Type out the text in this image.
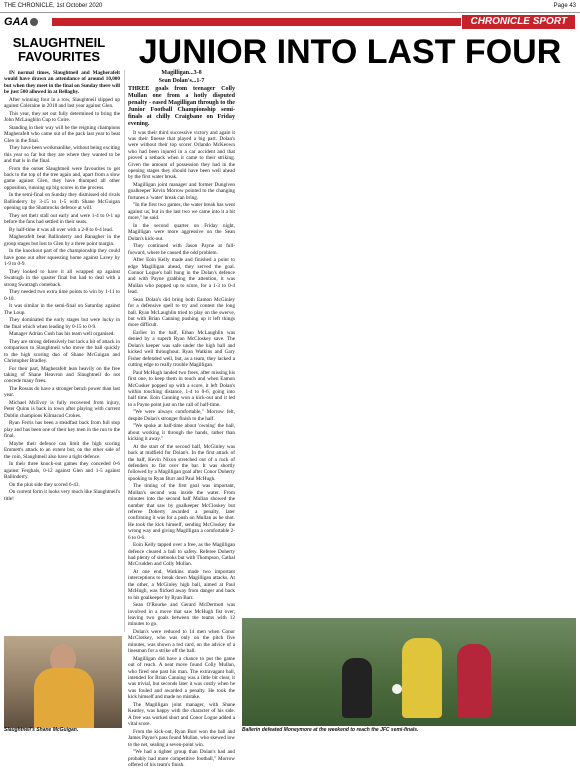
THE CHRONICLE, 1st October 2020	Page 43
GAA	CHRONICLE SPORT
SLAUGHTNEIL FAVOURITES	JUNIOR INTO LAST FOUR

IN normal times, Slaughtneil and Magherafelt would have drawn an attendance of around 10,000 but when they meet in the final on Sunday there will be just 500 allowed in at Bellaghy.

After winning four in a row, Slaughtneil slipped up against Coleraine in 2018 and last year against Glen.

This year, they set out fully determined to bring the John McLaughlin Cup to Coire.

Standing in their way will be the reigning champions Magherafelt who came out of the pack last year to beat Glen in the final.

They have been workmanlike, without being exciting this year so far but they are where they wanted to be and that is in the final.

From the outset Slaughtneil were favourites to get back to the top of the tree again and, apart from a slow game against Glen, they have thumped all other opposition, running up big scores in the process.

In the semi-final on Sunday they dismissed old rivals Ballinderry by 3-15 to 1-5 with Shane McGuigan opening up the Shamrocks defence at will.

They set their stall out early and were 1-4 to 0-1 up before the fans had settled in their seats.

By half-time it was all over with a 2-8 to 0-4 lead.

Magherafelt beat Ballinderry and Banagher in the group stages but lost to Glen by a three point margin.

In the knockout part of the championship they could have gone out after squeezing home against Lavey by 1-9 to 0-9.

They looked to have it all wrapped up against Swatragh in the quarter final but had to deal with a strong Swatragh comeback.

They needed two extra time points to win by 1-11 to 0-10.

It was similar in the semi-final on Saturday against The Loup.

They dominated the early stages but were lucky in the final which when leading by 0-15 to 0-9.

Manager Adrian Cush has his team well organised.

They are strong defensively but lack a bit of attack in comparison to Slaughtneil who move the ball quickly to the high scoring duo of Shane McGuigan and Christopher Bradley.

For their part, Magherafelt lean heavily on the free taking of Shane Heavron and Slaughtneil do not concede many frees.

The Rossas do have a stronger bench power than last year.

Michael McEvoy is fully recovered from injury, Peter Quinn is back in town after playing with current Dublin champions Kilmacud Crokes.

Ryan Ferris has been a steadfast back from full stop play and has been one of their key men in the run to the final.

Maybe their defence can limit the high scoring Emmett's attack to an extent but, on the other side of the coin, Slaughtneil also have a tight defence.

In their three knock-out games they conceded 0-6 against Ferghals, 0-12 against Glen and 1-5 against Ballinderry.

On the plus side they scored 6-43.

On current form it looks very much like Slaughtneil's title!

Magilligan...3-8

Sean Dolan's...1-7

THREE goals from teenager Colly Mullan one from a hotly disputed penalty - eased Magilligan through to the Junior Football Championship semi-finals at chilly Craigbane on Friday evening.

It was their third successive victory and again it was their finesse that played a big part. Dolan's were without their top scorer Orlando McKeown who had been injured in a car accident and that proved a setback when it came to their striking. Given the amount of possession they had in the opening stages they should have been well ahead by the first water break.

Magilligan joint manager and former Dungiven goalkeeper Kevin Morrow pointed to the changing fortunes a 'water' break can bring.

"In the first two games, the water break has went against us, but in the last two we came into it a bit more," he said.

In the second quarter on Friday night, Magilligan were more aggressive on the Sean Dolan's kick-out.

They continued with Jason Payne at full-forward, where he caused the odd problem.

After Eoin Kelly made and finished a point to edge Magilligan ahead, they served the goal. Connor Logue's ball hung in the Dolan's defence and with Payne grabbing the attention, it was Mullan who popped up to score, for a 1-3 to 0-4 lead.

Sean Dolan's did bring both Eamon McGinley for a defensive spell to try and contest the long ball. Ryan McLaughlin tried to play on the swerve, but with Brian Canning pushing up it left things more difficult.

Earlier in the half, Ethan McLaughlin was denied by a superb Ryan McCloskey save. The Dolan's keeper was safe under the high ball and kicked well throughout. Ryan Watkins and Gary Fisher defended well, but, as a team, they lacked a cutting edge to really trouble Magilligan.

Paul McHugh landed two frees, after missing his first one, to keep them in touch and when Eamon McCusker popped up with a score, it left Dolan's within touching distance, 1-4 to 0-6, going into half time. Eoin Canning won a kick-out and it led to a Payne point just on the call of half-time.

"We were always comfortable," Morrow felt, despite Dolan's stronger finish to the half.

"We spoke at half-time about 'owning' the ball, about working it through the hands, rather than kicking it away."

At the start of the second half, McGinley was back at midfield for Dolan's. In the first attack of the half, Kevin Nixon stretched out of a ruck of defenders to fist over the bar. It was shortly followed by a Magilligan goal after Conor Doherty spooking to Ryan Burr and Paul McHugh.

The timing of the first goal was important, Mullan's second was inside the water. From minutes into the second half Mullan showed the number that saw by goalkeeper McCloskey but referee Doherty awarded a penalty, later confirming it was for a push on Mullan as he shot. He took the kick himself, sending McCloskey the wrong way and giving Magilligan a comfortable 2-6 to 0-6.

Eoin Kelly tapped over a free, as the Magilligan defence cleared a ball to safety. Referee Doherty had plenty of sitebooks but with Thompson, Cathal McCrudden and Colly Mullan.

At one end, Watkins made two important interceptions to break down Magilligan attacks. At the other, a McGinley high ball, aimed at Paul McHugh, was flicked away from danger and back to his goalkeeper by Ryan Barr.

Sean O'Rourke and Gerard McDermott was involved in a move that saw McHugh fist over, leaving two goals between the teams with 12 minutes to go.

Dolan's were reduced to 14 men when Conor McCloskey, who was only on the pitch five minutes, was shown a red card, on the advice of a linesman for a strike off the ball.

Magilligan did have a chance to put the game out of reach. A neat move found Colly Mullan, who fired one past his man. The extravagant ball, intended for Brian Canning was a little bit clear, it was trivial, but seconds later it was costly when he was fouled and awarded a penalty. He took the kick himself and made no mistake.

The Magilligan joint manager, with Shane Keatley, was happy with the character of his side. A free was worked short and Conor Logue added a vital score.

From the kick-out, Ryan Burr won the ball and James Payne's pass found Mullan, who skewed low to the net, sealing a seven-point win.

"We had a tighter group than Dolan's had and probably had more competitive football," Morrow offered of his team's finish.

Slaughtneil's Shane McGuigan.	Ballerin defeated Moneymore at the weekend to reach the JFC semi-finals.
